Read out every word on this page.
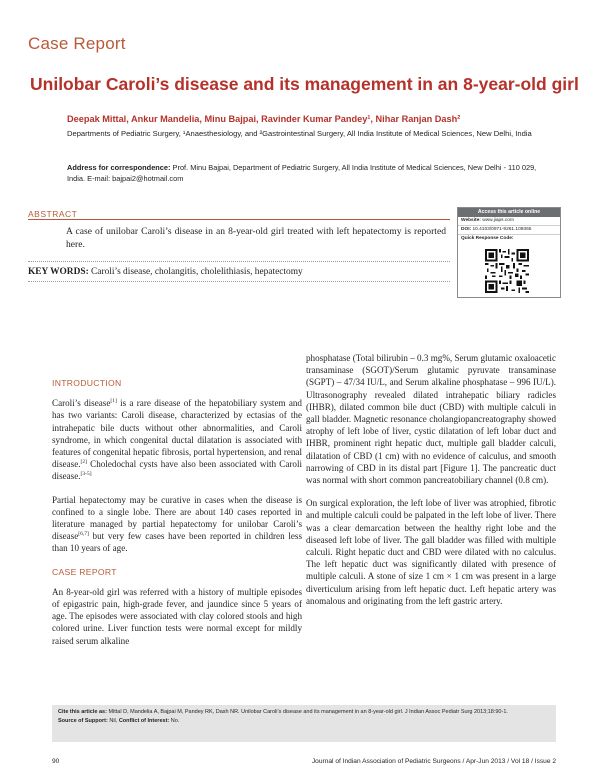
Case Report
Unilobar Caroli’s disease and its management in an 8-year-old girl
Deepak Mittal, Ankur Mandelia, Minu Bajpai, Ravinder Kumar Pandey¹, Nihar Ranjan Dash²
Departments of Pediatric Surgery, ¹Anaesthesiology, and ²Gastrointestinal Surgery, All India Institute of Medical Sciences, New Delhi, India
Address for correspondence: Prof. Minu Bajpai, Department of Pediatric Surgery, All India Institute of Medical Sciences, New Delhi - 110 029, India. E-mail: bajpai2@hotmail.com
ABSTRACT
A case of unilobar Caroli’s disease in an 8-year-old girl treated with left hepatectomy is reported here.
KEY WORDS: Caroli’s disease, cholangitis, cholelithiasis, hepatectomy
Access this article online
Website: www.jiaps.com
DOI: 10.4103/0971-9261.109365
Quick Response Code:
INTRODUCTION

Caroli’s disease[1] is a rare disease of the hepatobiliary system and has two variants: Caroli disease, characterized by ectasias of the intrahepatic bile ducts without other abnormalities, and Caroli syndrome, in which congenital ductal dilatation is associated with features of congenital hepatic fibrosis, portal hypertension, and renal disease.[2] Choledochal cysts have also been associated with Caroli disease.[3-5]

Partial hepatectomy may be curative in cases when the disease is confined to a single lobe. There are about 140 cases reported in literature managed by partial hepatectomy for unilobar Caroli’s disease[6,7] but very few cases have been reported in children less than 10 years of age.

CASE REPORT

An 8-year-old girl was referred with a history of multiple episodes of epigastric pain, high-grade fever, and jaundice since 5 years of age. The episodes were associated with clay colored stools and high colored urine. Liver function tests were normal except for mildly raised serum alkaline

phosphatase (Total bilirubin – 0.3 mg%, Serum glutamic oxaloacetic transaminase (SGOT)/Serum glutamic pyruvate transaminase (SGPT) – 47/34 IU/L, and Serum alkaline phosphatase – 996 IU/L). Ultrasonography revealed dilated intrahepatic biliary radicles (IHBR), dilated common bile duct (CBD) with multiple calculi in gall bladder. Magnetic resonance cholangiopancreatography showed atrophy of left lobe of liver, cystic dilatation of left lobar duct and IHBR, prominent right hepatic duct, multiple gall bladder calculi, dilatation of CBD (1 cm) with no evidence of calculus, and smooth narrowing of CBD in its distal part [Figure 1]. The pancreatic duct was normal with short common pancreatobiliary channel (0.8 cm).

On surgical exploration, the left lobe of liver was atrophied, fibrotic and multiple calculi could be palpated in the left lobe of liver. There was a clear demarcation between the healthy right lobe and the diseased left lobe of liver. The gall bladder was filled with multiple calculi. Right hepatic duct and CBD were dilated with no calculus. The left hepatic duct was significantly dilated with presence of multiple calculi. A stone of size 1 cm × 1 cm was present in a large diverticulum arising from left hepatic duct. Left hepatic artery was anomalous and originating from the left gastric artery.

Cite this article as: Mittal D, Mandelia A, Bajpai M, Pandey RK, Dash NR. Unilobar Caroli’s disease and its management in an 8-year-old girl. J Indian Assoc Pediatr Surg 2013;18:90-1.
Source of Support: Nil, Conflict of Interest: No.
90	Journal of Indian Association of Pediatric Surgeons / Apr-Jun 2013 / Vol 18 / Issue 2
